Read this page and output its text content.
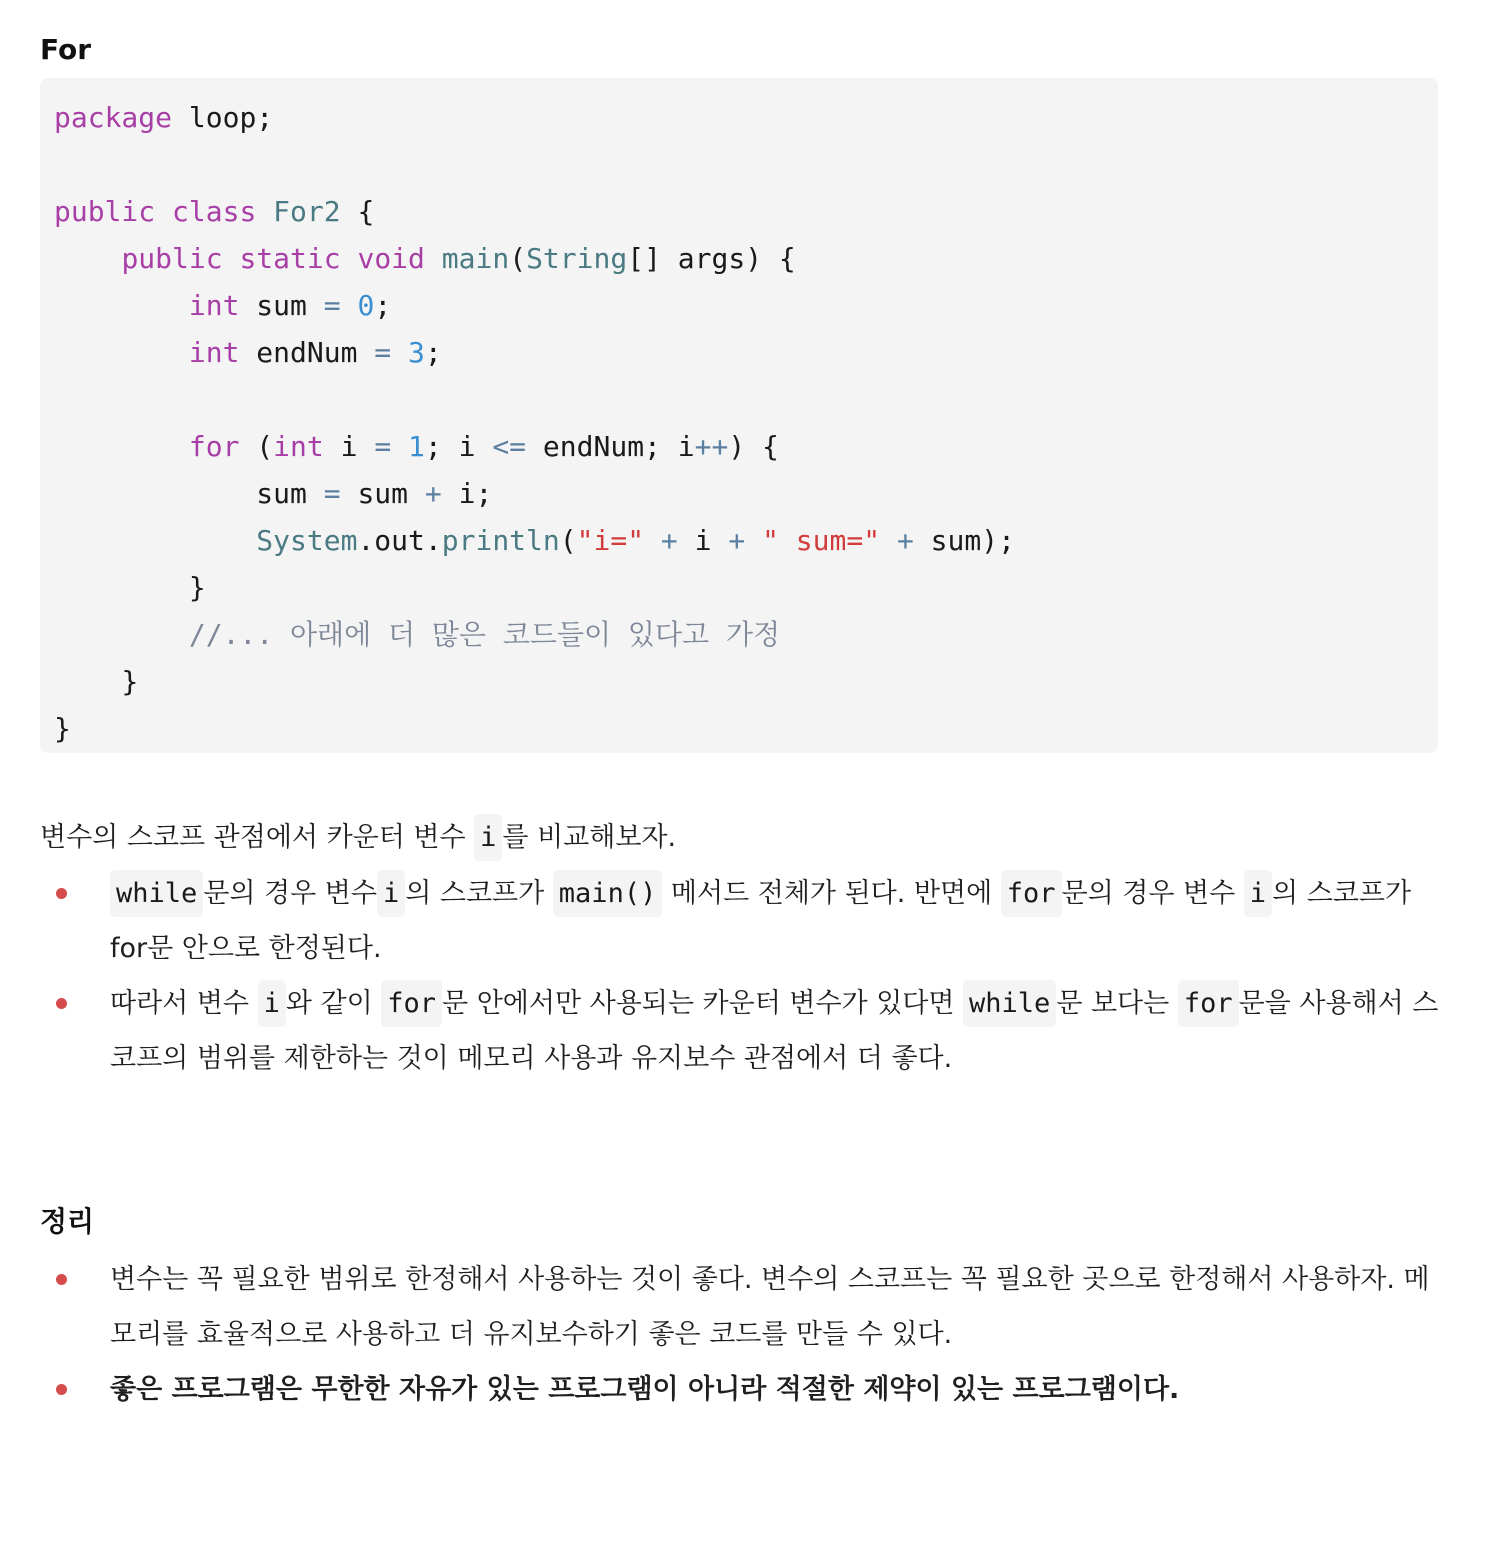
For
package loop;

public class For2 {
public static void main(String[] args) {
int sum = 0;
int endNum = 3;

for (int i = 1; i <= endNum; i++) {
sum = sum + i;
System.out.println("i=" + i + " sum=" + sum);
}
//... 아래에 더 많은 코드들이 있다고 가정
}
}

변수의 스코프 관점에서 카운터 변수 i 를 비교해보자.

while 문의 경우 변수 i 의 스코프가 main() 메서드 전체가 된다. 반면에 for 문의 경우 변수 i 의 스코프가 for문 안으로 한정된다.
따라서 변수 i 와 같이 for 문 안에서만 사용되는 카운터 변수가 있다면 while 문 보다는 for 문을 사용해서 스코프의 범위를 제한하는 것이 메모리 사용과 유지보수 관점에서 더 좋다.
정리
변수는 꼭 필요한 범위로 한정해서 사용하는 것이 좋다. 변수의 스코프는 꼭 필요한 곳으로 한정해서 사용하자. 메모리를 효율적으로 사용하고 더 유지보수하기 좋은 코드를 만들 수 있다.
좋은 프로그램은 무한한 자유가 있는 프로그램이 아니라 적절한 제약이 있는 프로그램이다.
